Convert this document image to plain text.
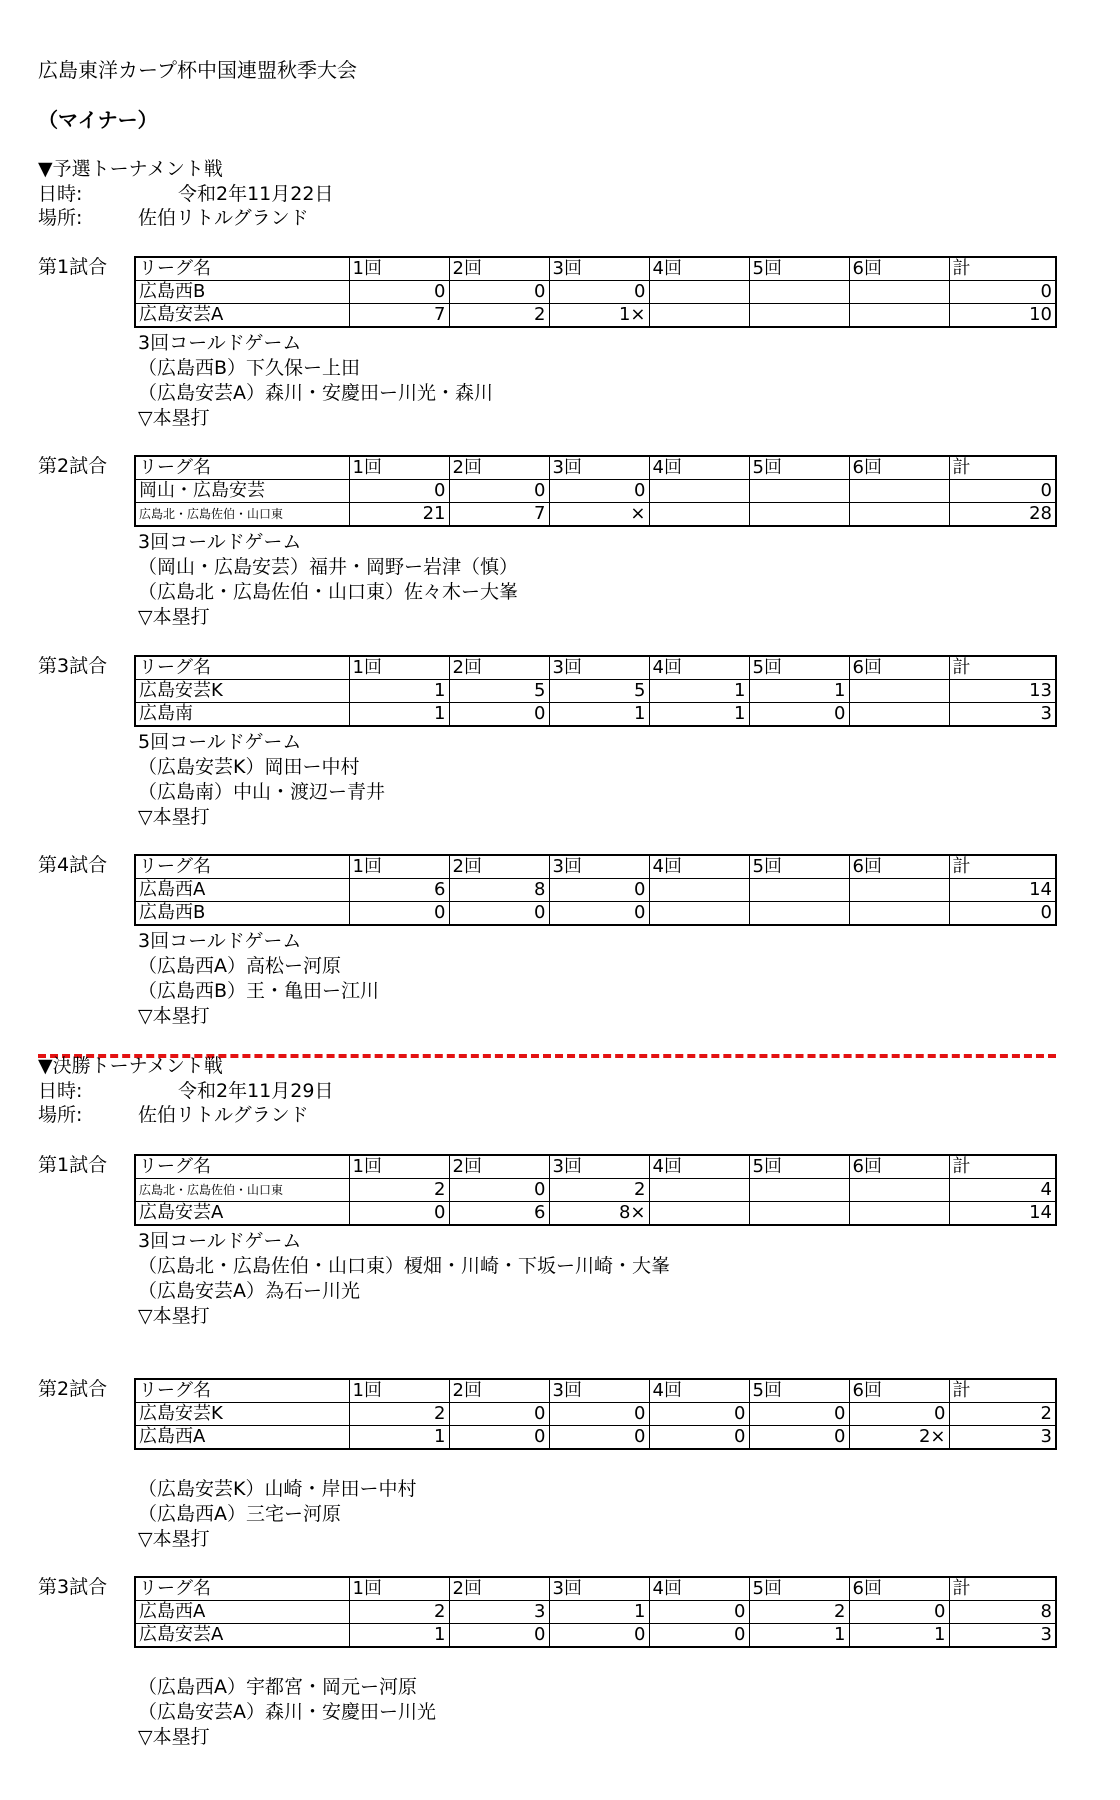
広島東洋カープ杯中国連盟秋季大会
（マイナー）
▼予選トーナメント戦
日時:	令和2年11月22日
場所:	佐伯リトルグランド
第1試合 リーグ名	1回	2回	3回	4回	5回	6回	計
広島西B	0	0	0				0
広島安芸A	7	2	1×				10
3回コールドゲーム
（広島西B）下久保ー上田
（広島安芸A）森川・安慶田ー川光・森川
▽本塁打
第2試合 リーグ名	1回	2回	3回	4回	5回	6回	計
岡山・広島安芸	0	0	0				0
広島北・広島佐伯・山口東	21	7	×				28
3回コールドゲーム
（岡山・広島安芸）福井・岡野ー岩津（慎）
（広島北・広島佐伯・山口東）佐々木ー大峯
▽本塁打
第3試合 リーグ名	1回	2回	3回	4回	5回	6回	計
広島安芸K	1	5	5	1	1		13
広島南	1	0	1	1	0		3
5回コールドゲーム
（広島安芸K）岡田ー中村
（広島南）中山・渡辺ー青井
▽本塁打
第4試合 リーグ名	1回	2回	3回	4回	5回	6回	計
広島西A	6	8	0				14
広島西B	0	0	0				0
3回コールドゲーム
（広島西A）高松ー河原
（広島西B）王・亀田ー江川
▽本塁打
第1試合 リーグ名	1回	2回	3回	4回	5回	6回	計
広島北・広島佐伯・山口東	2	0	2				4
広島安芸A	0	6	8×				14
3回コールドゲーム
（広島北・広島佐伯・山口東）榎畑・川崎・下坂ー川崎・大峯
（広島安芸A）為石ー川光
▽本塁打
第2試合 リーグ名	1回	2回	3回	4回	5回	6回	計
広島安芸K	2	0	0	0	0	0	2
広島西A	1	0	0	0	0	2×	3
（広島安芸K）山崎・岸田ー中村
（広島西A）三宅ー河原
▽本塁打
第3試合 リーグ名	1回	2回	3回	4回	5回	6回	計
広島西A	2	3	1	0	2	0	8
広島安芸A	1	0	0	0	1	1	3
（広島西A）宇都宮・岡元ー河原
（広島安芸A）森川・安慶田ー川光
▽本塁打
▼決勝トーナメント戦
日時:	令和2年11月29日
場所:	佐伯リトルグランド
